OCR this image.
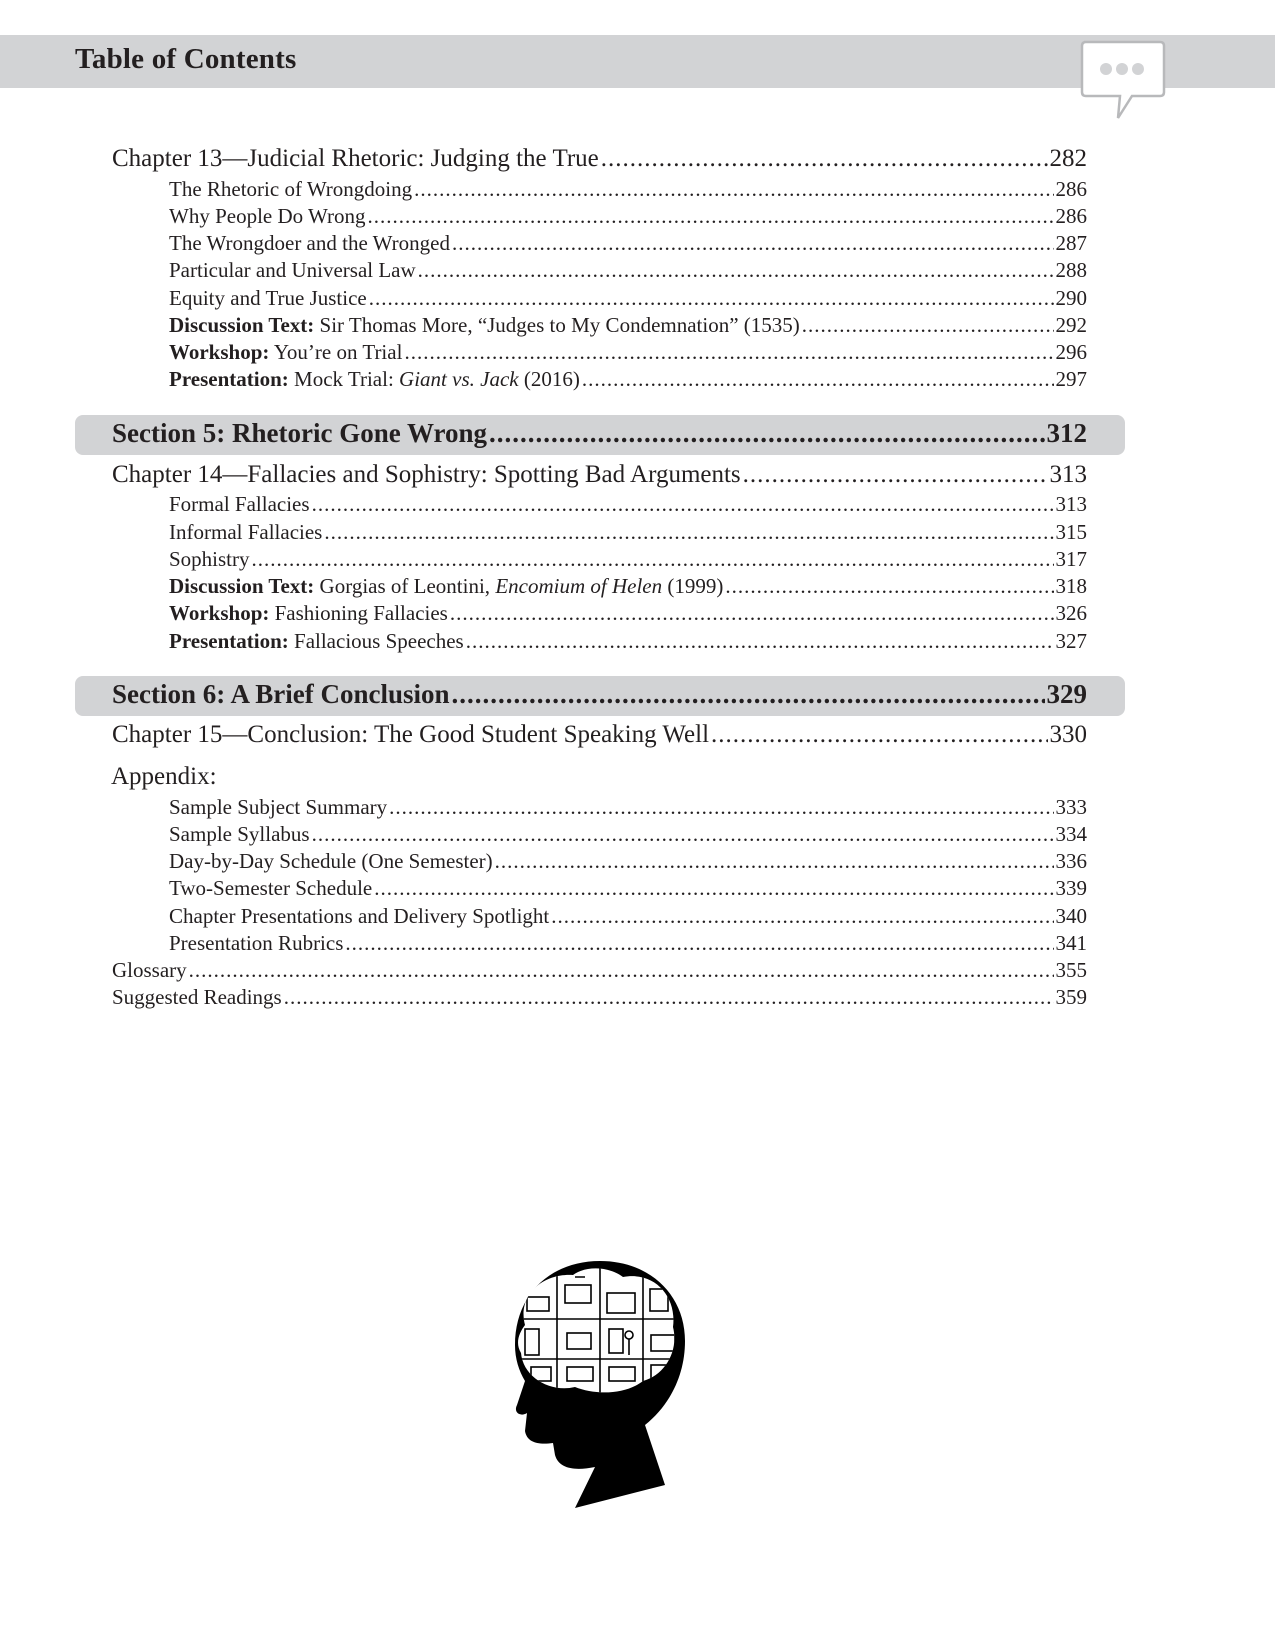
Table of Contents
Chapter 13—Judicial Rhetoric: Judging the True .....	282
The Rhetoric of Wrongdoing .....	286
Why People Do Wrong .....	286
The Wrongdoer and the Wronged .....	287
Particular and Universal Law .....	288
Equity and True Justice .....	290
Discussion Text: Sir Thomas More, “Judges to My Condemnation” (1535) .....	292
Workshop: You’re on Trial .....	296
Presentation: Mock Trial: Giant vs. Jack (2016) .....	297
Section 5: Rhetoric Gone Wrong .....	312
Chapter 14—Fallacies and Sophistry: Spotting Bad Arguments .....	313
Formal Fallacies .....	313
Informal Fallacies .....	315
Sophistry .....	317
Discussion Text: Gorgias of Leontini, Encomium of Helen (1999) .....	318
Workshop: Fashioning Fallacies .....	326
Presentation: Fallacious Speeches .....	327
Section 6: A Brief Conclusion .....	329
Chapter 15—Conclusion: The Good Student Speaking Well .....	330
Appendix:
Sample Subject Summary .....	333
Sample Syllabus .....	334
Day-by-Day Schedule (One Semester) .....	336
Two-Semester Schedule .....	339
Chapter Presentations and Delivery Spotlight .....	340
Presentation Rubrics .....	341
Glossary .....	355
Suggested Readings .....	359
